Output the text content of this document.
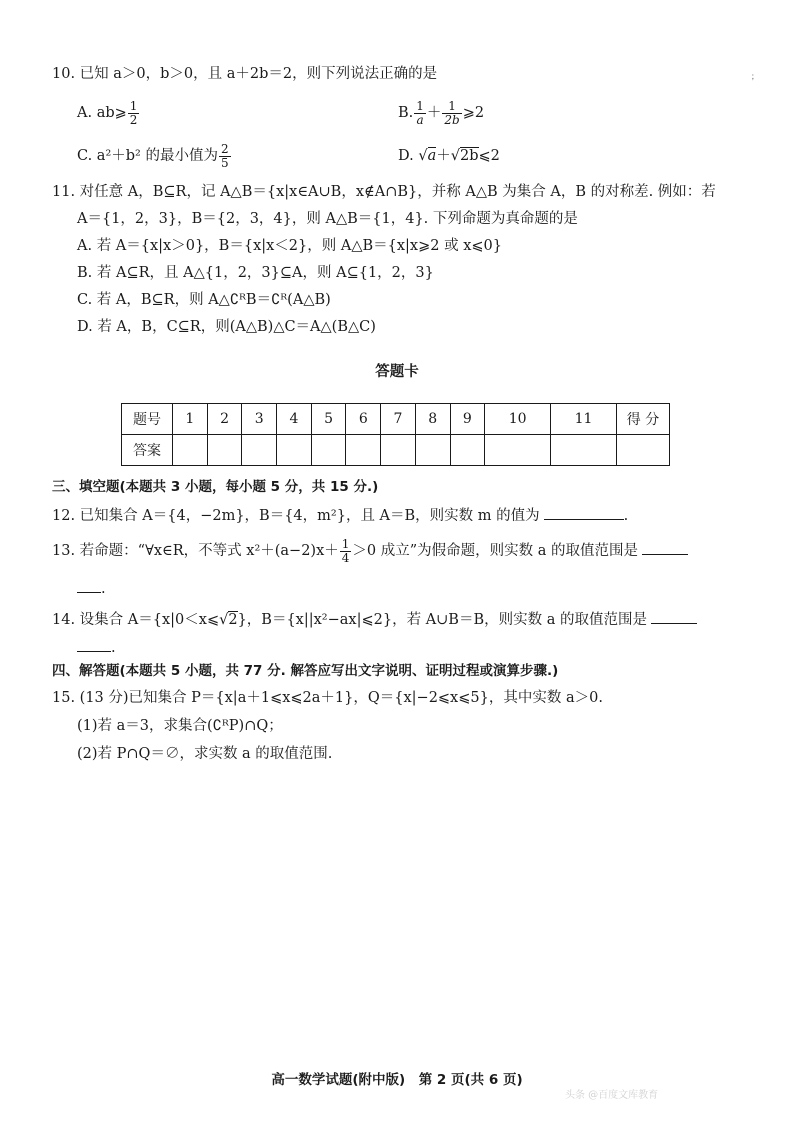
；
10. 已知 a＞0，b＞0，且 a＋2b＝2，则下列说法正确的是
A. ab⩾ $\frac{1}{2}$	B. $\frac{1}{a} + \frac{1}{2b}$ ⩾2
C. a²＋b² 的最小值为 $\frac{2}{5}$	D. √a＋√2b⩽2
11. 对任意 A，B⊆R，记 A△B＝{x|x∈A∪B，x∉A∩B}，并称 A△B 为集合 A，B 的对称差. 例如：若
A＝{1，2，3}，B＝{2，3，4}，则 A△B＝{1，4}. 下列命题为真命题的是
A. 若 A＝{x|x＞0}，B＝{x|x＜2}，则 A△B＝{x|x⩾2 或 x⩽0}
B. 若 A⊆R，且 A△{1，2，3}⊆A，则 A⊆{1，2，3}
C. 若 A，B⊆R，则 A△∁ᴿB＝∁ᴿ(A△B)
D. 若 A，B，C⊆R，则(A△B)△C＝A△(B△C)
答题卡
题号	1	2	3	4	5	6	7	8	9	10	11	得 分
答案												
三、填空题(本题共 3 小题，每小题 5 分，共 15 分.)
12. 已知集合 A＝{4，−2m}，B＝{4，m²}，且 A＝B，则实数 m 的值为	.
13. 若命题：“∀x∈R，不等式 $x^2+(a-2)x+ \frac{1}{4} >0$ 成立”为假命题，则实数 a 的取值范围是
.
14. 设集合 A＝{x|0＜x⩽√2}，B＝{x||x²−ax|⩽2}，若 A∪B＝B，则实数 a 的取值范围是
.
四、解答题(本题共 5 小题，共 77 分. 解答应写出文字说明、证明过程或演算步骤.)
15. (13 分)已知集合 P＝{x|a＋1⩽x⩽2a＋1}，Q＝{x|−2⩽x⩽5}，其中实数 a＞0.
(1)若 a＝3，求集合(∁ᴿP)∩Q；
(2)若 P∩Q＝∅，求实数 a 的取值范围.
高一数学试题(附中版)　第 2 页(共 6 页)
头条 @百度文库教育
